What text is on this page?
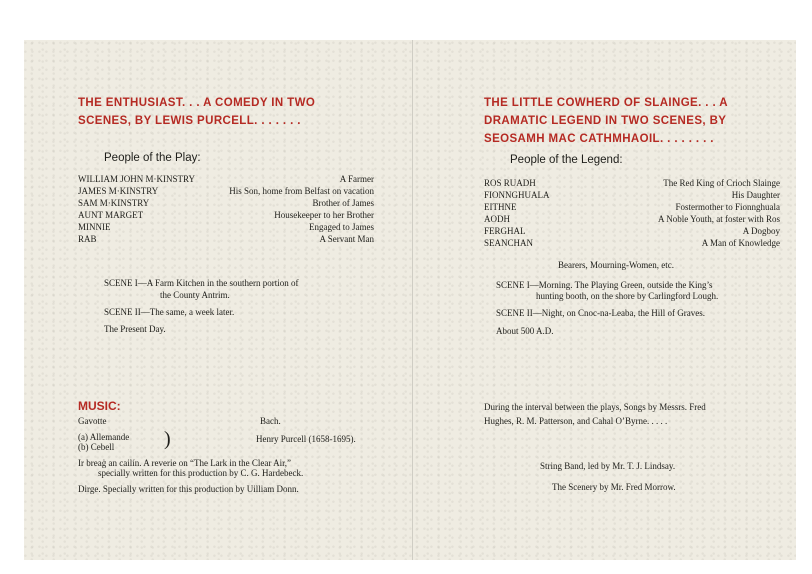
THE ENTHUSIAST. . . A COMEDY IN TWO

SCENES, BY LEWIS PURCELL. . . . . . .

People of the Play:

WILLIAM JOHN M·KINSTRY	A Farmer
JAMES M·KINSTRY	His Son, home from Belfast on vacation
SAM M·KINSTRY	Brother of James
AUNT MARGET	Housekeeper to her Brother
MINNIE	Engaged to James
RAB	A Servant Man
SCENE I—A Farm Kitchen in the southern portion of
the County Antrim.
SCENE II—The same, a week later.
The Present Day.
MUSIC:
Gavotte	Bach.
(a) Allemande
(b) Cebell )	Henry Purcell (1658-1695).
Ir breaġ an cailín. A reverie on “The Lark in the Clear Air,”
specially written for this production by C. G. Hardebeck.
Dirge. Specially written for this production by Uilliam Donn.

THE LITTLE COWHERD OF SLAINGE. . . A

DRAMATIC LEGEND IN TWO SCENES, BY

SEOSAMH MAC CATHMHAOIL. . . . . . . .

People of the Legend:

ROS RUADH	The Red King of Crioch Slainge
FIONNGHUALA	His Daughter
EITHNE	Fostermother to Fionnghuala
AODH	A Noble Youth, at foster with Ros
FERGHAL	A Dogboy
SEANCHAN	A Man of Knowledge
Bearers, Mourning-Women, etc.
SCENE I—Morning. The Playing Green, outside the King’s
hunting booth, on the shore by Carlingford Lough.
SCENE II—Night, on Cnoc-na-Leaba, the Hill of Graves.
About 500 A.D.
During the interval between the plays, Songs by Messrs. Fred
Hughes, R. M. Patterson, and Cahal O’Byrne. . . . .
String Band, led by Mr. T. J. Lindsay.
The Scenery by Mr. Fred Morrow.
